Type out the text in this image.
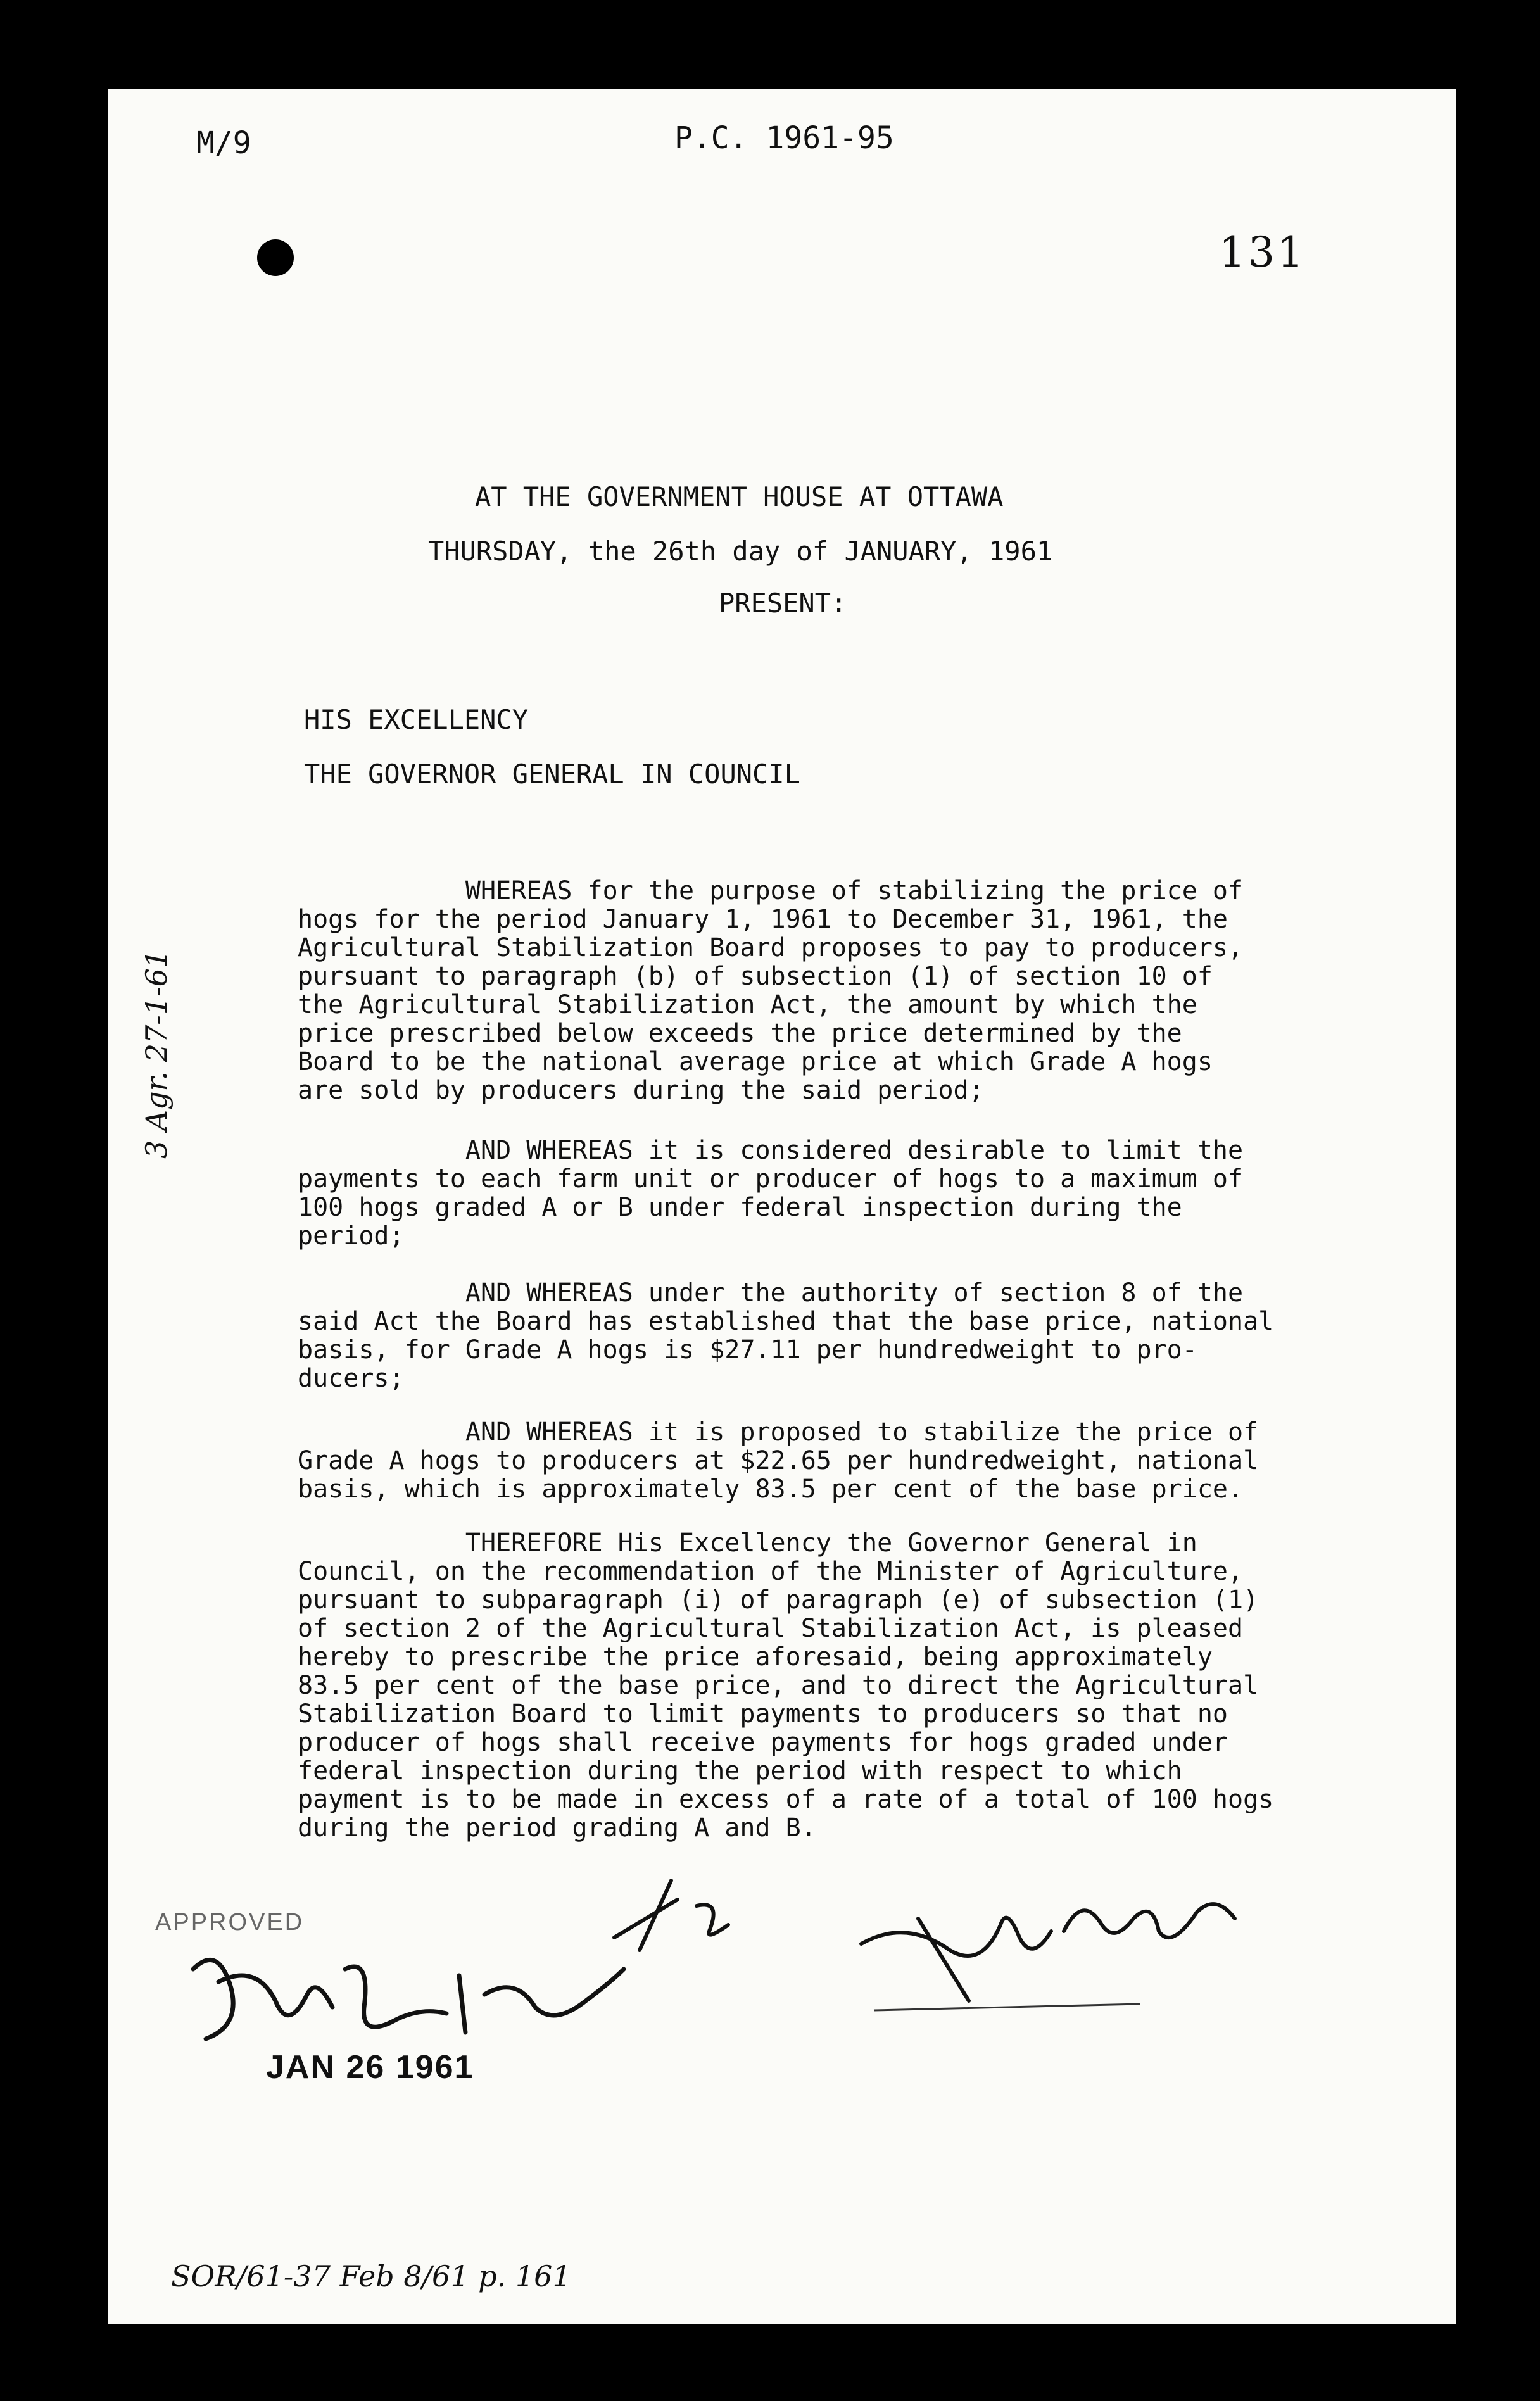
M/9	P.C. 1961-95
131
AT THE GOVERNMENT HOUSE AT OTTAWA
THURSDAY, the 26th day of JANUARY, 1961
PRESENT:
HIS EXCELLENCY
THE GOVERNOR GENERAL IN COUNCIL
WHEREAS for the purpose of stabilizing the price of
hogs for the period January 1, 1961 to December 31, 1961, the
Agricultural Stabilization Board proposes to pay to producers,
pursuant to paragraph (b) of subsection (1) of section 10 of
the Agricultural Stabilization Act, the amount by which the
price prescribed below exceeds the price determined by the
Board to be the national average price at which Grade A hogs
are sold by producers during the said period;
AND WHEREAS it is considered desirable to limit the
payments to each farm unit or producer of hogs to a maximum of
100 hogs graded A or B under federal inspection during the
period;
AND WHEREAS under the authority of section 8 of the
said Act the Board has established that the base price, national
basis, for Grade A hogs is $27.11 per hundredweight to pro-
ducers;
AND WHEREAS it is proposed to stabilize the price of
Grade A hogs to producers at $22.65 per hundredweight, national
basis, which is approximately 83.5 per cent of the base price.
THEREFORE His Excellency the Governor General in
Council, on the recommendation of the Minister of Agriculture,
pursuant to subparagraph (i) of paragraph (e) of subsection (1)
of section 2 of the Agricultural Stabilization Act, is pleased
hereby to prescribe the price aforesaid, being approximately
83.5 per cent of the base price, and to direct the Agricultural
Stabilization Board to limit payments to producers so that no
producer of hogs shall receive payments for hogs graded under
federal inspection during the period with respect to which
payment is to be made in excess of a rate of a total of 100 hogs
during the period grading A and B.
3 Agr. 27-1-61
APPROVED
JAN 26 1961
SOR/61-37 Feb 8/61 p. 161
